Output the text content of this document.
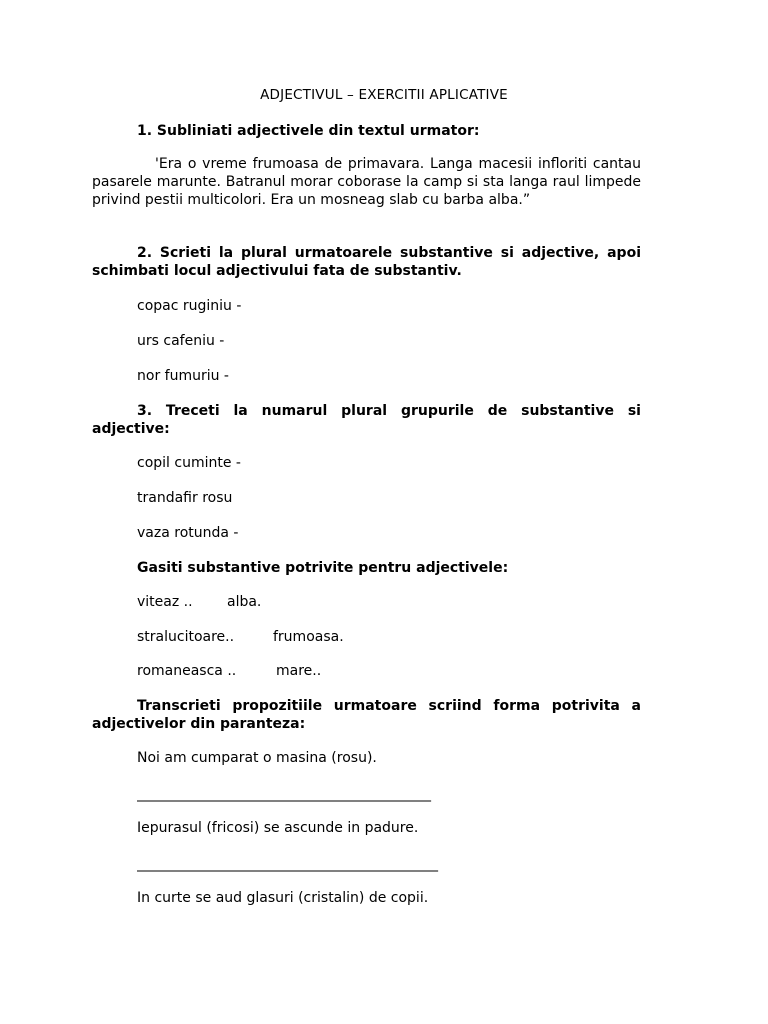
ADJECTIVUL – EXERCITII APLICATIVE
1. Subliniati adjectivele din textul urmator:
'Era o vreme frumoasa de primavara. Langa macesii infloriti cantau pasarele marunte. Batranul morar coborase la camp si sta langa raul limpede privind pestii multicolori. Era un mosneag slab cu barba alba.”
2. Scrieti la plural urmatoarele substantive si adjective, apoi schimbati locul adjectivului fata de substantiv.
copac ruginiu -
urs cafeniu -
nor fumuriu -
3. Treceti la numarul plural grupurile de substantive si adjective:
copil cuminte -
trandafir rosu
vaza rotunda -
Gasiti substantive potrivite pentru adjectivele:
viteaz .. alba.
stralucitoare..	frumoasa.
romaneasca ..	mare..
Transcrieti propozitiile urmatoare scriind forma potrivita a adjectivelor din paranteza:
Noi am cumparat o masina (rosu).
__________________________________________
Iepurasul (fricosi) se ascunde in padure.
___________________________________________
In curte se aud glasuri (cristalin) de copii.
